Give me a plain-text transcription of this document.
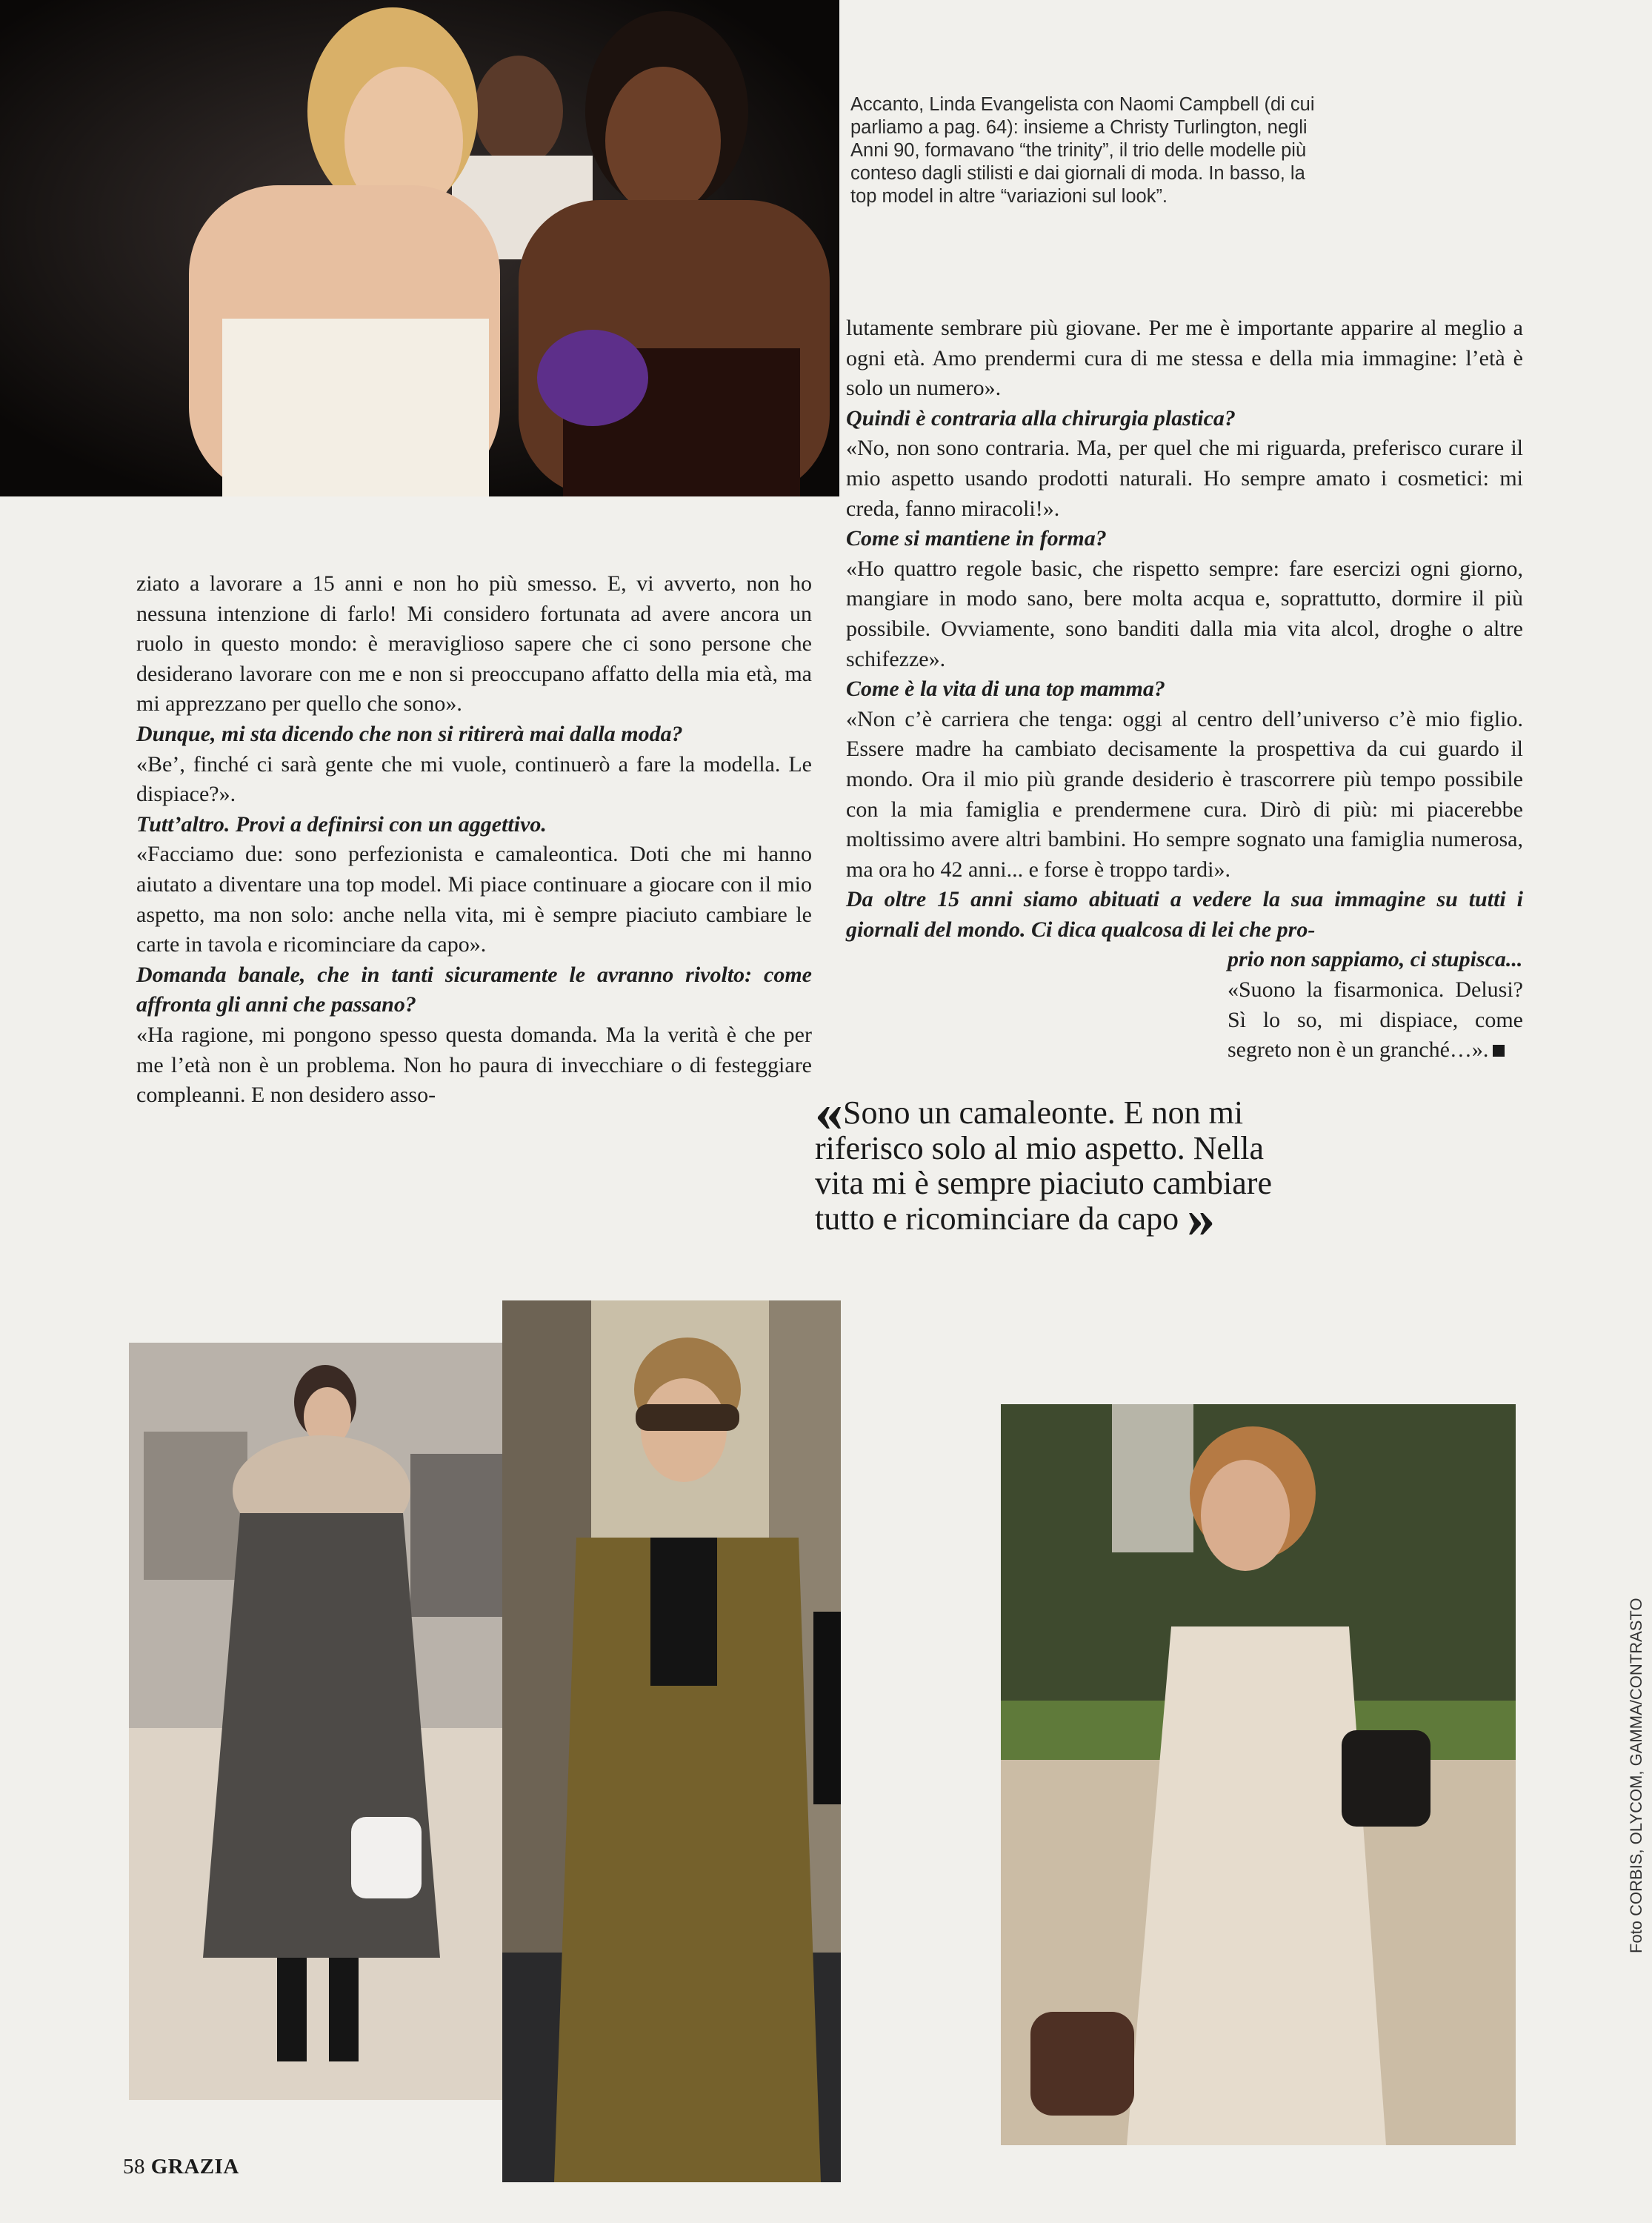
Accanto, Linda Evangelista con Naomi Campbell (di cui parliamo a pag. 64): insieme a Christy Turlington, negli Anni 90, formavano “the trinity”, il trio delle modelle più conteso dagli stilisti e dai giornali di moda. In basso, la top model in altre “variazioni sul look”.

ziato a lavorare a 15 anni e non ho più smesso. E, vi avverto, non ho nessuna intenzione di farlo! Mi considero fortunata ad avere ancora un ruolo in questo mondo: è meraviglioso sapere che ci sono persone che desiderano lavorare con me e non si preoccupano affatto della mia età, ma mi apprezzano per quello che sono».

Dunque, mi sta dicendo che non si ritirerà mai dalla moda?

«Be’, finché ci sarà gente che mi vuole, continuerò a fare la modella. Le dispiace?».

Tutt’altro. Provi a definirsi con un aggettivo.

«Facciamo due: sono perfezionista e camaleontica. Doti che mi hanno aiutato a diventare una top model. Mi piace continuare a giocare con il mio aspetto, ma non solo: anche nella vita, mi è sempre piaciuto cambiare le carte in tavola e ricominciare da capo».

Domanda banale, che in tanti sicuramente le avranno rivolto: come affronta gli anni che passano?

«Ha ragione, mi pongono spesso questa domanda. Ma la verità è che per me l’età non è un problema. Non ho paura di invecchiare o di festeggiare compleanni. E non desidero asso-

lutamente sembrare più giovane. Per me è importante apparire al meglio a ogni età. Amo prendermi cura di me stessa e della mia immagine: l’età è solo un numero».

Quindi è contraria alla chirurgia plastica?

«No, non sono contraria. Ma, per quel che mi riguarda, preferisco curare il mio aspetto usando prodotti naturali. Ho sempre amato i cosmetici: mi creda, fanno miracoli!».

Come si mantiene in forma?

«Ho quattro regole basic, che rispetto sempre: fare esercizi ogni giorno, mangiare in modo sano, bere molta acqua e, soprattutto, dormire il più possibile. Ovviamente, sono banditi dalla mia vita alcol, droghe o altre schifezze».

Come è la vita di una top mamma?

«Non c’è carriera che tenga: oggi al centro dell’universo c’è mio figlio. Essere madre ha cambiato decisamente la prospettiva da cui guardo il mondo. Ora il mio più grande desiderio è trascorrere più tempo possibile con la mia famiglia e prendermene cura. Dirò di più: mi piacerebbe moltissimo avere altri bambini. Ho sempre sognato una famiglia numerosa, ma ora ho 42 anni... e forse è troppo tardi».

Da oltre 15 anni siamo abituati a vedere la sua immagine su tutti i giornali del mondo. Ci dica qualcosa di lei che pro-

prio non sappiamo, ci stupisca...

«Suono la fisarmonica. Delusi? Sì lo so, mi dispiace, come segreto non è un granché…».

«Sono un camaleonte. E non mi riferisco solo al mio aspetto. Nella vita mi è sempre piaciuto cambiare tutto e ricominciare da capo »
Foto CORBIS, OLYCOM, GAMMA/CONTRASTO
58 GRAZIA
